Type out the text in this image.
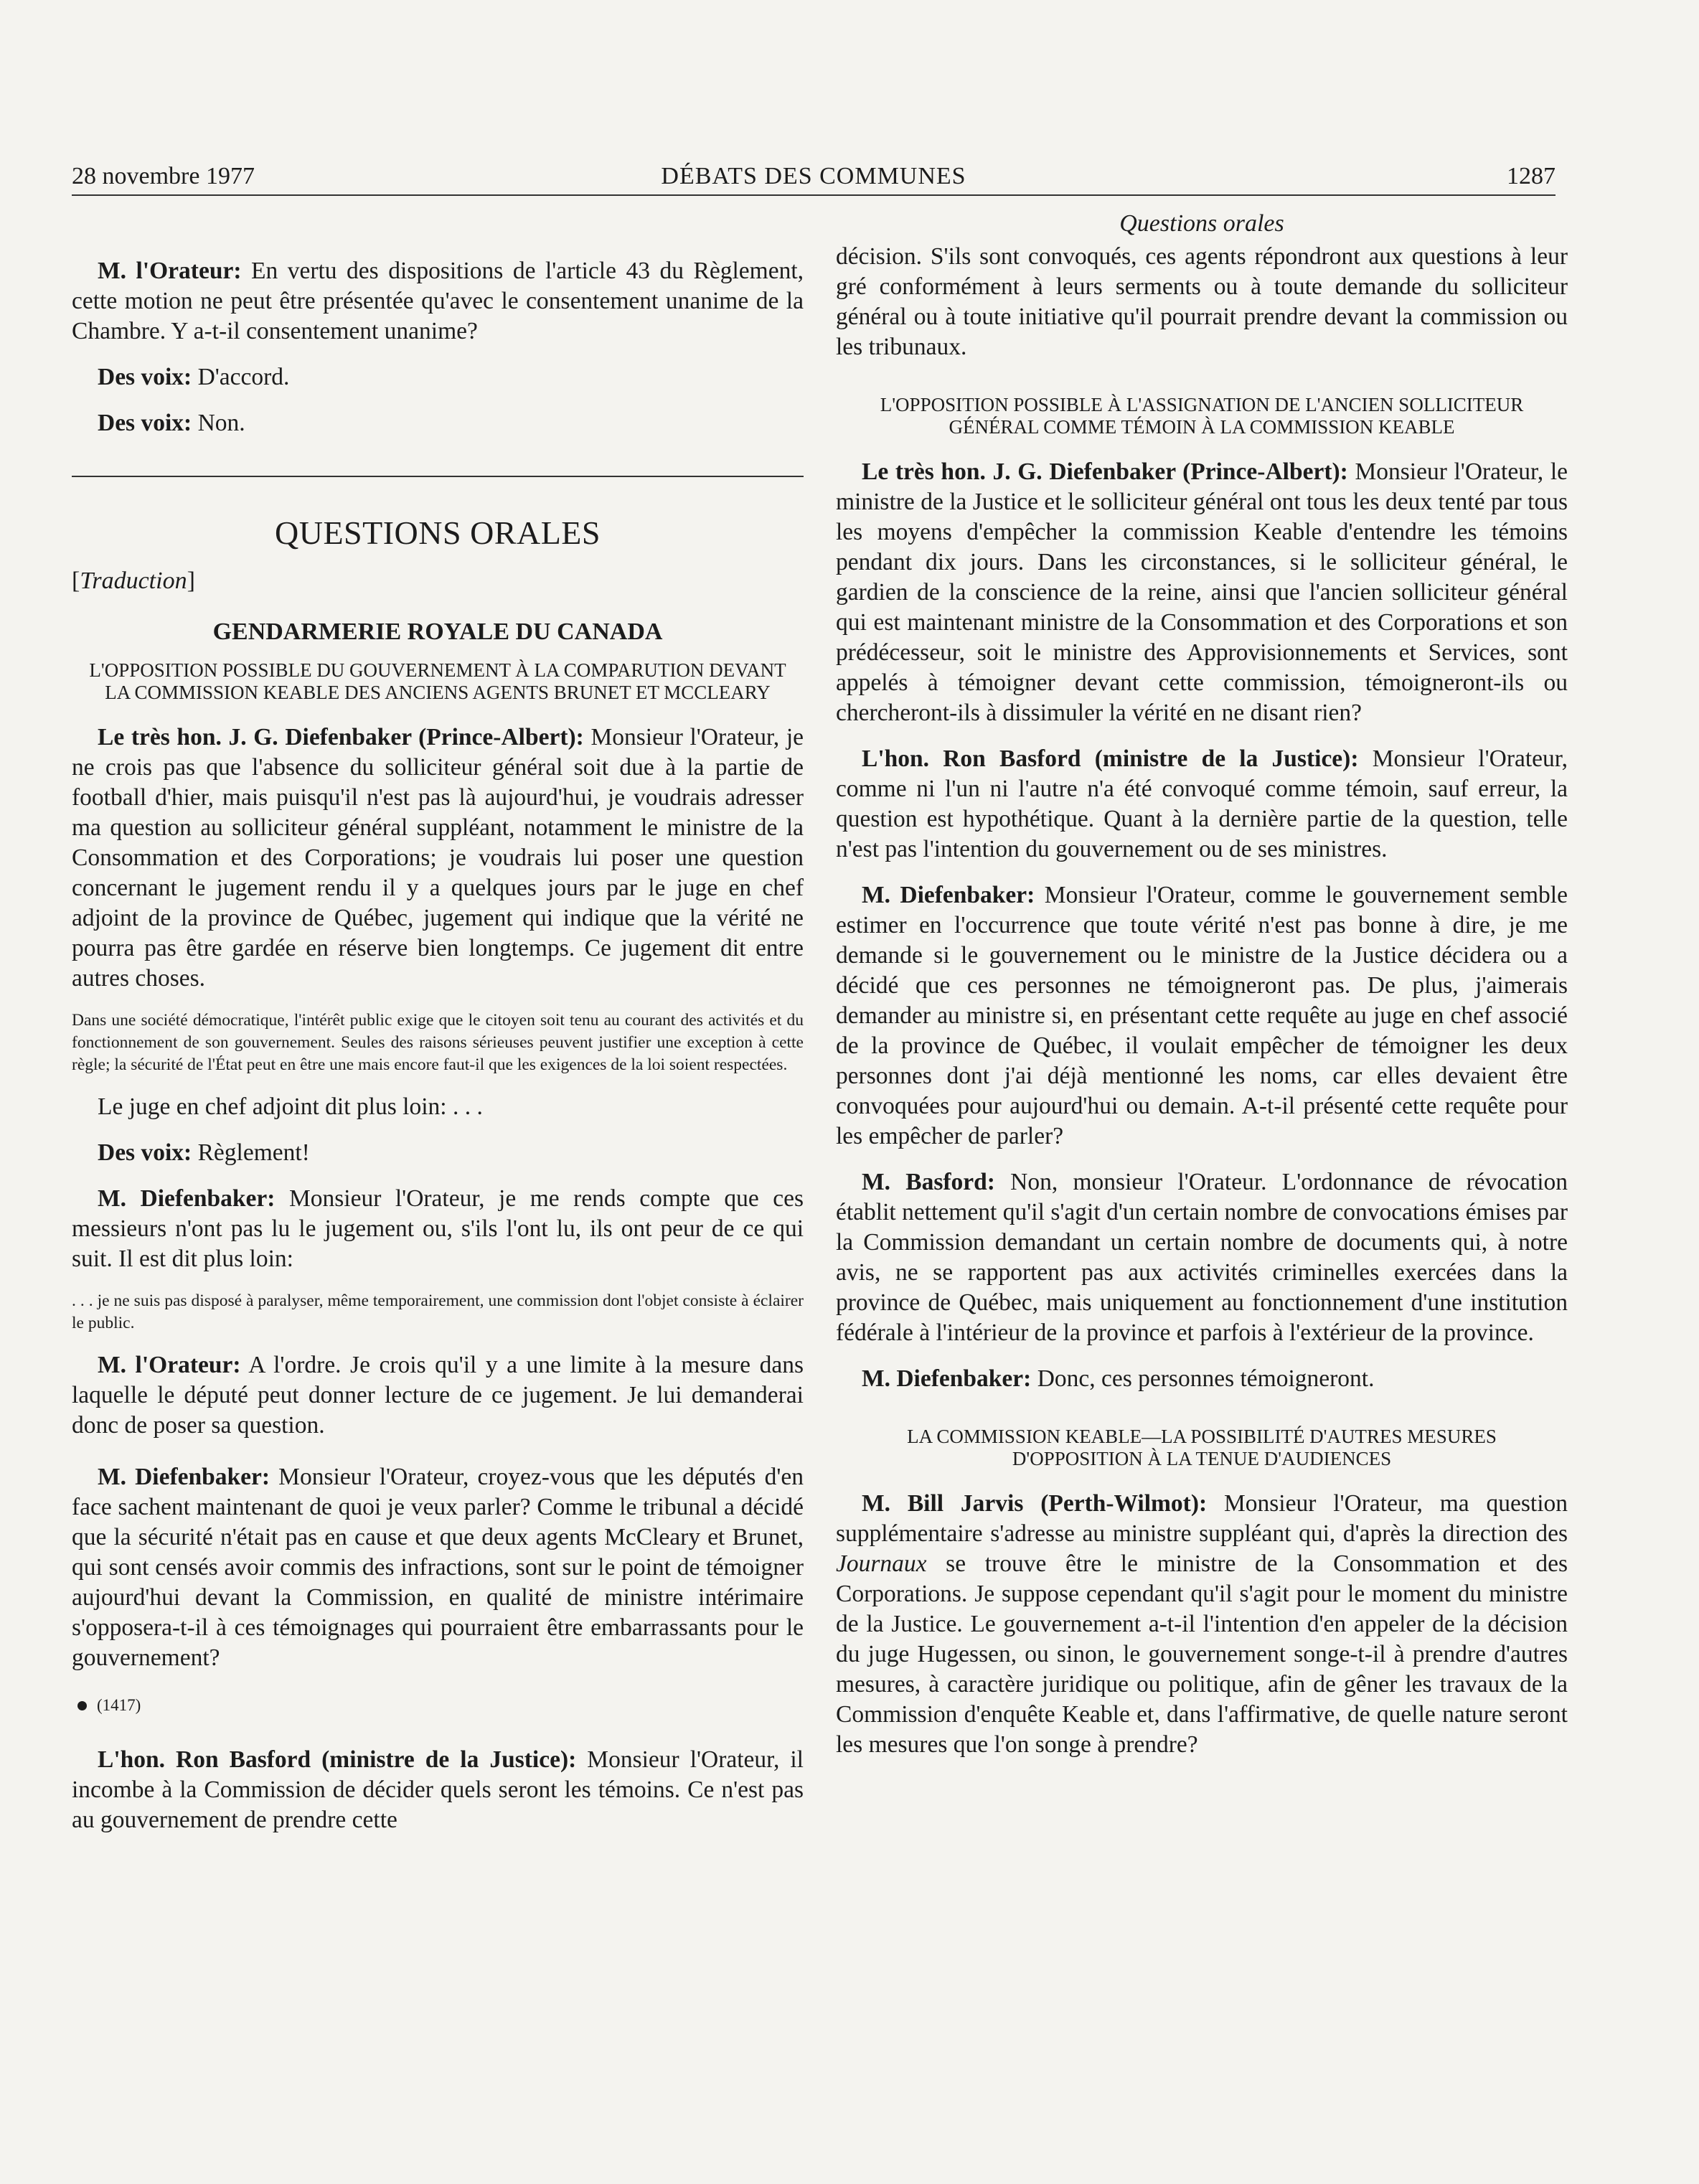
28 novembre 1977	DÉBATS DES COMMUNES	1287

M. l'Orateur: En vertu des dispositions de l'article 43 du Règlement, cette motion ne peut être présentée qu'avec le consentement unanime de la Chambre. Y a-t-il consentement unanime?

Des voix: D'accord.

Des voix: Non.

QUESTIONS ORALES
[Traduction]
GENDARMERIE ROYALE DU CANADA
L'OPPOSITION POSSIBLE DU GOUVERNEMENT À LA COMPARUTION DEVANT LA COMMISSION KEABLE DES ANCIENS AGENTS BRUNET ET MCCLEARY

Le très hon. J. G. Diefenbaker (Prince-Albert): Monsieur l'Orateur, je ne crois pas que l'absence du solliciteur général soit due à la partie de football d'hier, mais puisqu'il n'est pas là aujourd'hui, je voudrais adresser ma question au solliciteur général suppléant, notamment le ministre de la Consommation et des Corporations; je voudrais lui poser une question concernant le jugement rendu il y a quelques jours par le juge en chef adjoint de la province de Québec, jugement qui indique que la vérité ne pourra pas être gardée en réserve bien longtemps. Ce jugement dit entre autres choses.

Dans une société démocratique, l'intérêt public exige que le citoyen soit tenu au courant des activités et du fonctionnement de son gouvernement. Seules des raisons sérieuses peuvent justifier une exception à cette règle; la sécurité de l'État peut en être une mais encore faut-il que les exigences de la loi soient respectées.

Le juge en chef adjoint dit plus loin: . . .

Des voix: Règlement!

M. Diefenbaker: Monsieur l'Orateur, je me rends compte que ces messieurs n'ont pas lu le jugement ou, s'ils l'ont lu, ils ont peur de ce qui suit. Il est dit plus loin:

. . . je ne suis pas disposé à paralyser, même temporairement, une commission dont l'objet consiste à éclairer le public.

M. l'Orateur: A l'ordre. Je crois qu'il y a une limite à la mesure dans laquelle le député peut donner lecture de ce jugement. Je lui demanderai donc de poser sa question.

M. Diefenbaker: Monsieur l'Orateur, croyez-vous que les députés d'en face sachent maintenant de quoi je veux parler? Comme le tribunal a décidé que la sécurité n'était pas en cause et que deux agents McCleary et Brunet, qui sont censés avoir commis des infractions, sont sur le point de témoigner aujourd'hui devant la Commission, en qualité de ministre intérimaire s'opposera-t-il à ces témoignages qui pourraient être embarrassants pour le gouvernement?

(1417)

L'hon. Ron Basford (ministre de la Justice): Monsieur l'Orateur, il incombe à la Commission de décider quels seront les témoins. Ce n'est pas au gouvernement de prendre cette

Questions orales

décision. S'ils sont convoqués, ces agents répondront aux questions à leur gré conformément à leurs serments ou à toute demande du solliciteur général ou à toute initiative qu'il pourrait prendre devant la commission ou les tribunaux.

L'OPPOSITION POSSIBLE À L'ASSIGNATION DE L'ANCIEN SOLLICITEUR GÉNÉRAL COMME TÉMOIN À LA COMMISSION KEABLE

Le très hon. J. G. Diefenbaker (Prince-Albert): Monsieur l'Orateur, le ministre de la Justice et le solliciteur général ont tous les deux tenté par tous les moyens d'empêcher la commission Keable d'entendre les témoins pendant dix jours. Dans les circonstances, si le solliciteur général, le gardien de la conscience de la reine, ainsi que l'ancien solliciteur général qui est maintenant ministre de la Consommation et des Corporations et son prédécesseur, soit le ministre des Approvisionnements et Services, sont appelés à témoigner devant cette commission, témoigneront-ils ou chercheront-ils à dissimuler la vérité en ne disant rien?

L'hon. Ron Basford (ministre de la Justice): Monsieur l'Orateur, comme ni l'un ni l'autre n'a été convoqué comme témoin, sauf erreur, la question est hypothétique. Quant à la dernière partie de la question, telle n'est pas l'intention du gouvernement ou de ses ministres.

M. Diefenbaker: Monsieur l'Orateur, comme le gouvernement semble estimer en l'occurrence que toute vérité n'est pas bonne à dire, je me demande si le gouvernement ou le ministre de la Justice décidera ou a décidé que ces personnes ne témoigneront pas. De plus, j'aimerais demander au ministre si, en présentant cette requête au juge en chef associé de la province de Québec, il voulait empêcher de témoigner les deux personnes dont j'ai déjà mentionné les noms, car elles devaient être convoquées pour aujourd'hui ou demain. A-t-il présenté cette requête pour les empêcher de parler?

M. Basford: Non, monsieur l'Orateur. L'ordonnance de révocation établit nettement qu'il s'agit d'un certain nombre de convocations émises par la Commission demandant un certain nombre de documents qui, à notre avis, ne se rapportent pas aux activités criminelles exercées dans la province de Québec, mais uniquement au fonctionnement d'une institution fédérale à l'intérieur de la province et parfois à l'extérieur de la province.

M. Diefenbaker: Donc, ces personnes témoigneront.

LA COMMISSION KEABLE—LA POSSIBILITÉ D'AUTRES MESURES D'OPPOSITION À LA TENUE D'AUDIENCES

M. Bill Jarvis (Perth-Wilmot): Monsieur l'Orateur, ma question supplémentaire s'adresse au ministre suppléant qui, d'après la direction des Journaux se trouve être le ministre de la Consommation et des Corporations. Je suppose cependant qu'il s'agit pour le moment du ministre de la Justice. Le gouvernement a-t-il l'intention d'en appeler de la décision du juge Hugessen, ou sinon, le gouvernement songe-t-il à prendre d'autres mesures, à caractère juridique ou politique, afin de gêner les travaux de la Commission d'enquête Keable et, dans l'affirmative, de quelle nature seront les mesures que l'on songe à prendre?
